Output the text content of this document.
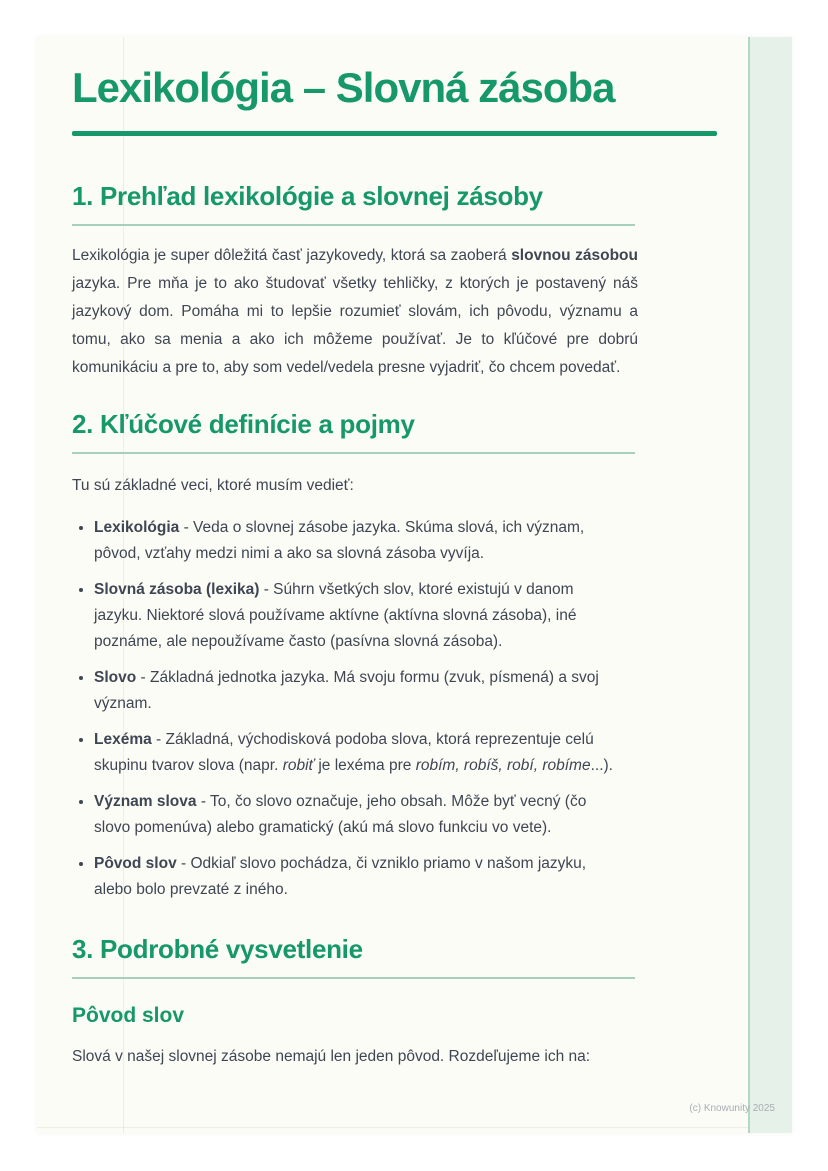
Lexikológia – Slovná zásoba
1. Prehľad lexikológie a slovnej zásoby

Lexikológia je super dôležitá časť jazykovedy, ktorá sa zaoberá slovnou zásobou jazyka. Pre mňa je to ako študovať všetky tehličky, z ktorých je postavený náš jazykový dom. Pomáha mi to lepšie rozumieť slovám, ich pôvodu, významu a tomu, ako sa menia a ako ich môžeme používať. Je to kľúčové pre dobrú komunikáciu a pre to, aby som vedel/vedela presne vyjadriť, čo chcem povedať.

2. Kľúčové definície a pojmy

Tu sú základné veci, ktoré musím vedieť:

• Lexikológia - Veda o slovnej zásobe jazyka. Skúma slová, ich význam, pôvod, vzťahy medzi nimi a ako sa slovná zásoba vyvíja.
• Slovná zásoba (lexika) - Súhrn všetkých slov, ktoré existujú v danom jazyku. Niektoré slová používame aktívne (aktívna slovná zásoba), iné poznáme, ale nepoužívame často (pasívna slovná zásoba).
• Slovo - Základná jednotka jazyka. Má svoju formu (zvuk, písmená) a svoj význam.
• Lexéma - Základná, východisková podoba slova, ktorá reprezentuje celú skupinu tvarov slova (napr. robiť je lexéma pre robím, robíš, robí, robíme...).
• Význam slova - To, čo slovo označuje, jeho obsah. Môže byť vecný (čo slovo pomenúva) alebo gramatický (akú má slovo funkciu vo vete).
• Pôvod slov - Odkiaľ slovo pochádza, či vzniklo priamo v našom jazyku, alebo bolo prevzaté z iného.
3. Podrobné vysvetlenie
Pôvod slov

Slová v našej slovnej zásobe nemajú len jeden pôvod. Rozdeľujeme ich na:

(c) Knowunity 2025
